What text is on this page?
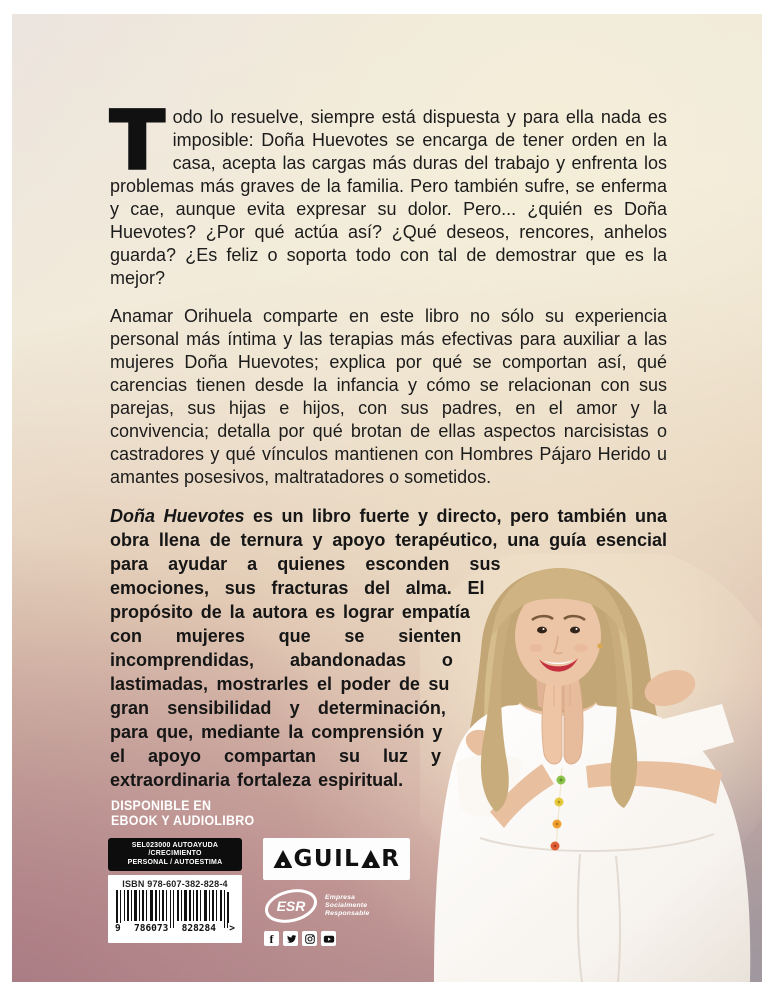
Todo lo resuelve, siempre está dispuesta y para ella nada es imposible: Doña Huevotes se encarga de tener orden en la casa, acepta las cargas más duras del trabajo y enfrenta los problemas más graves de la familia. Pero también sufre, se enferma y cae, aunque evita expresar su dolor. Pero... ¿quién es Doña Huevotes? ¿Por qué actúa así? ¿Qué deseos, rencores, anhelos guarda? ¿Es feliz o soporta todo con tal de demostrar que es la mejor?

Anamar Orihuela comparte en este libro no sólo su experiencia personal más íntima y las terapias más efectivas para auxiliar a las mujeres Doña Huevotes; explica por qué se comportan así, qué carencias tienen desde la infancia y cómo se relacionan con sus parejas, sus hijas e hijos, con sus padres, en el amor y la convivencia; detalla por qué brotan de ellas aspectos narcisistas o castradores y qué vínculos mantienen con Hombres Pájaro Herido u amantes posesivos, maltratadores o sometidos.

Doña Huevotes es un libro fuerte y directo, pero también una obra llena de ternura y apoyo terapéutico, una guía esencial para ayudar a quienes esconden sus emociones, sus fracturas del alma. El propósito de la autora es lograr empatía con mujeres que se sienten incomprendidas, abandonadas o lastimadas, mostrarles el poder de su gran sensibilidad y determinación, para que, mediante la comprensión y el apoyo compartan su luz y extraordinaria fortaleza espiritual.

DISPONIBLE EN
EBOOK Y AUDIOLIBRO
SEL023000 AUTOAYUDA /CRECIMIENTO
PERSONAL / AUTOESTIMA
ISBN 978-607-382-828-4
9 786073 828284 >
G U I L R
ESR
Empresa
Socialmente
Responsable
f
